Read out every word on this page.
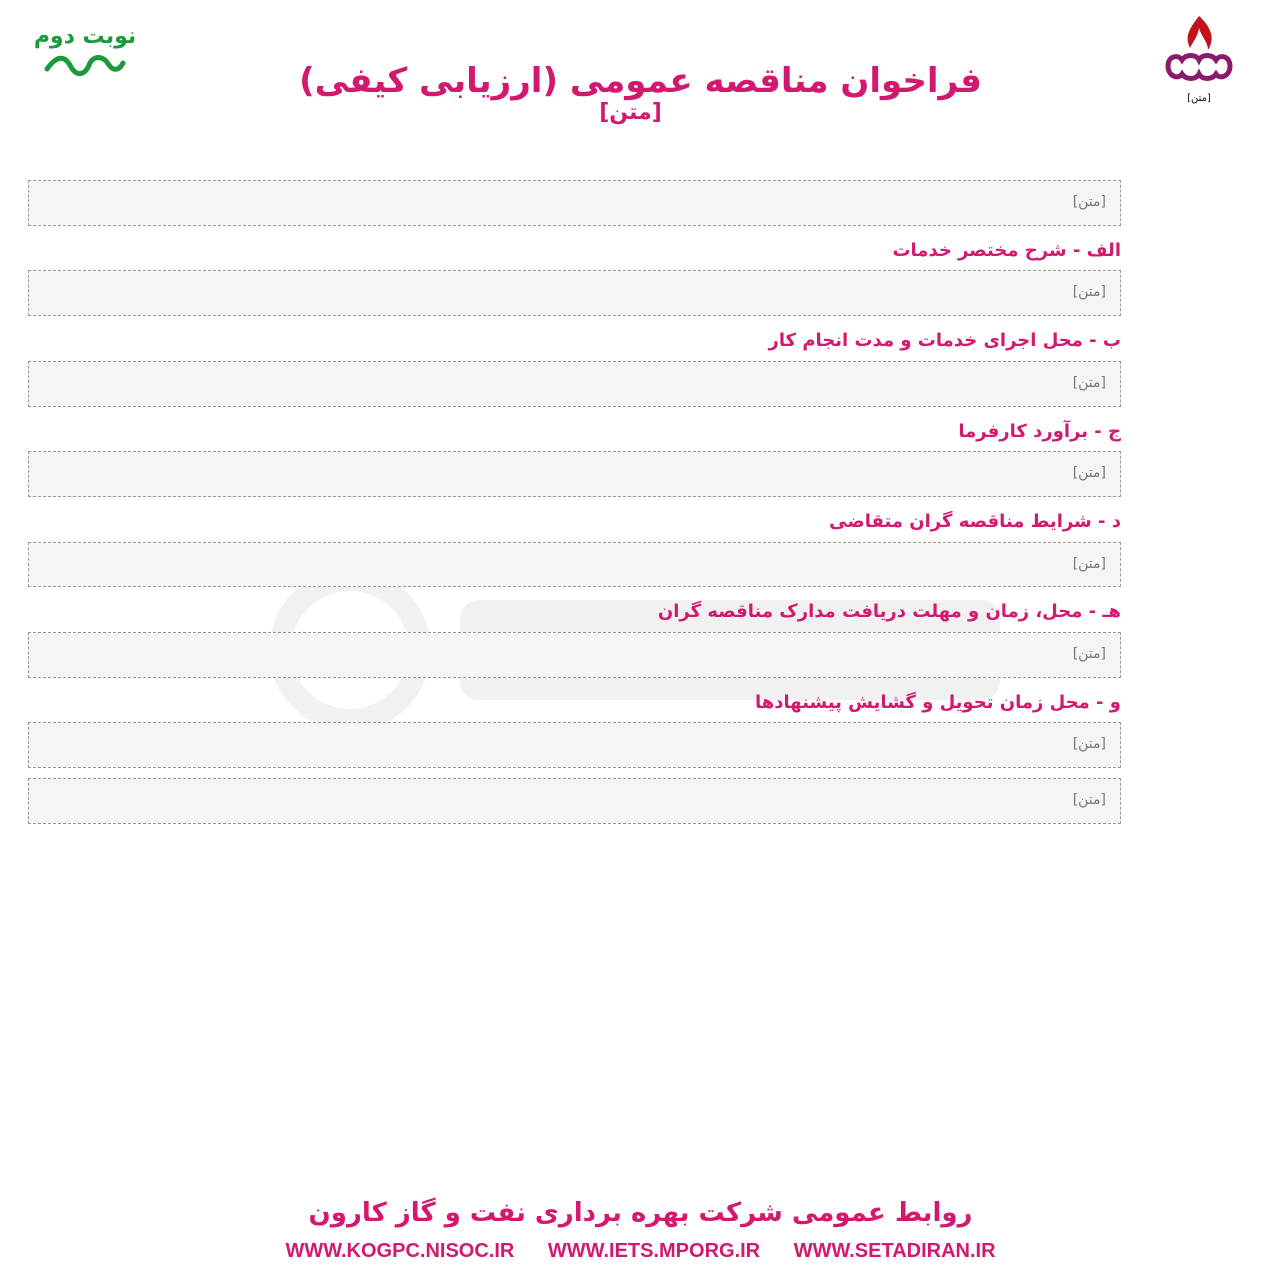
[متن]
نوبت دوم
فراخوان مناقصه عمومی (ارزیابی کیفی)
[متن]
[متن]
الف - شرح مختصر خدمات
[متن]
ب - محل اجرای خدمات و مدت انجام کار
[متن]
ج - برآورد کارفرما
[متن]
د - شرایط مناقصه گران متقاضی
[متن]
هـ - محل، زمان و مهلت دریافت مدارک مناقصه گران
[متن]
و - محل زمان تحویل و گشایش پیشنهادها
[متن]
[متن]
روابط عمومی شرکت بهره برداری نفت و گاز کارون
WWW.KOGPC.NISOC.IR WWW.IETS.MPORG.IR WWW.SETADIRAN.IR
